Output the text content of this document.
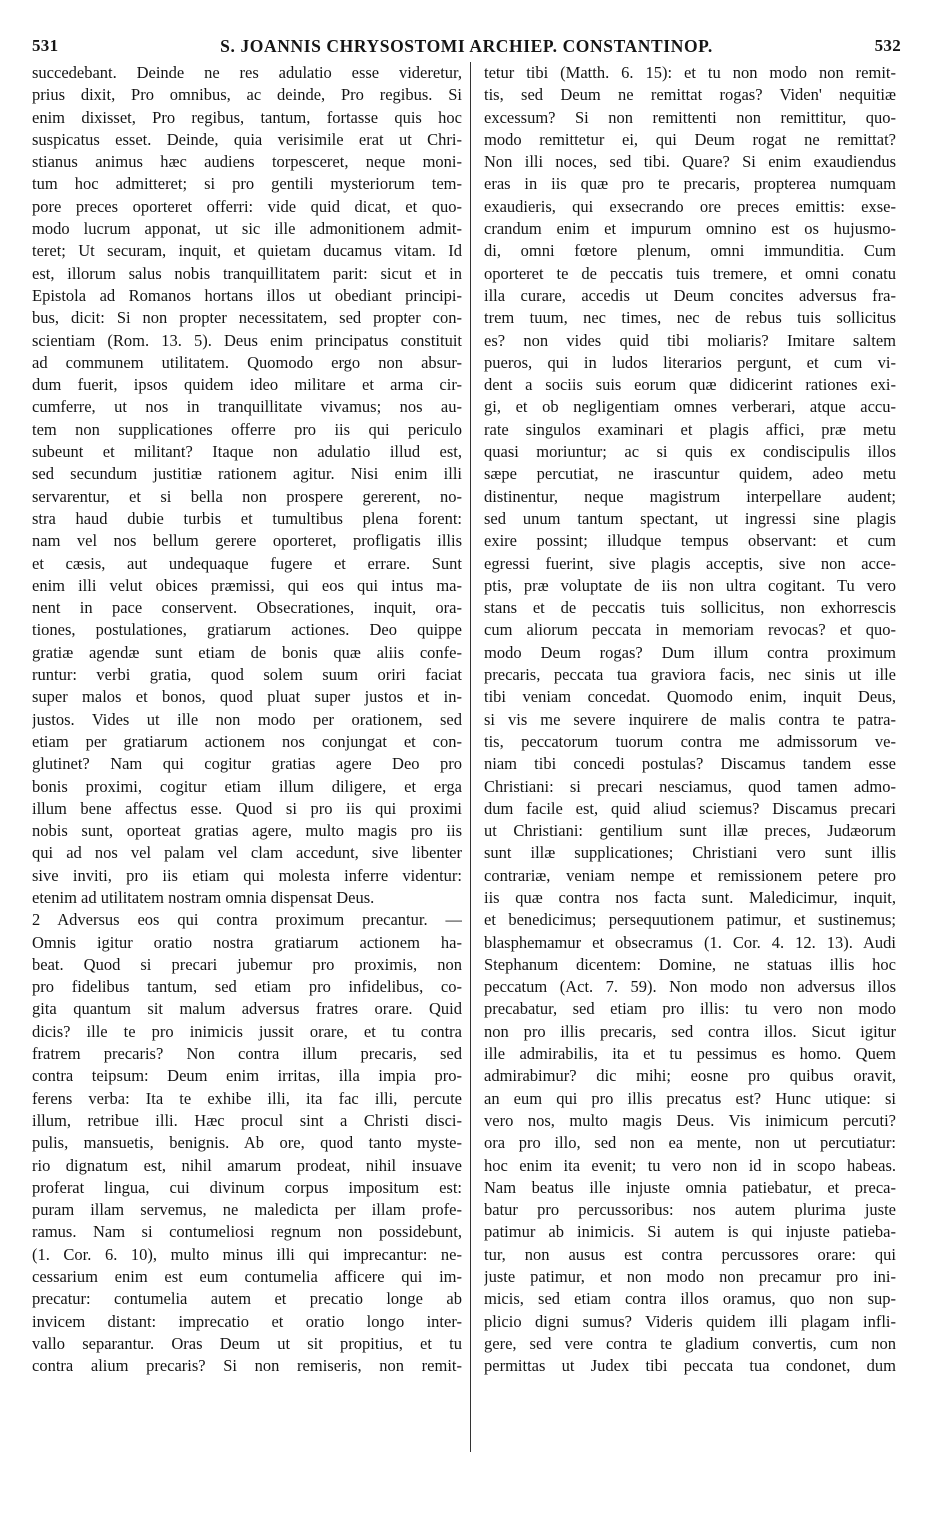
531	S. JOANNIS CHRYSOSTOMI ARCHIEP. CONSTANTINOP.	532
succedebant. Deinde ne res adulatio esse videretur,
prius dixit, Pro omnibus, ac deinde, Pro regibus. Si
enim dixisset, Pro regibus, tantum, fortasse quis hoc
suspicatus esset. Deinde, quia verisimile erat ut Chri-
stianus animus hæc audiens torpesceret, neque moni-
tum hoc admitteret; si pro gentili mysteriorum tem-
pore preces oporteret offerri: vide quid dicat, et quo-
modo lucrum apponat, ut sic ille admonitionem admit-
teret; Ut securam, inquit, et quietam ducamus vitam. Id
est, illorum salus nobis tranquillitatem parit: sicut et in
Epistola ad Romanos hortans illos ut obediant principi-
bus, dicit: Si non propter necessitatem, sed propter con-
scientiam (Rom. 13. 5). Deus enim principatus constituit
ad communem utilitatem. Quomodo ergo non absur-
dum fuerit, ipsos quidem ideo militare et arma cir-
cumferre, ut nos in tranquillitate vivamus; nos au-
tem non supplicationes offerre pro iis qui periculo
subeunt et militant? Itaque non adulatio illud est,
sed secundum justitiæ rationem agitur. Nisi enim illi
servarentur, et si bella non prospere gererent, no-
stra haud dubie turbis et tumultibus plena forent:
nam vel nos bellum gerere oporteret, profligatis illis
et cæsis, aut undequaque fugere et errare. Sunt
enim illi velut obices præmissi, qui eos qui intus ma-
nent in pace conservent. Obsecrationes, inquit, ora-
tiones, postulationes, gratiarum actiones. Deo quippe
gratiæ agendæ sunt etiam de bonis quæ aliis confe-
runtur: verbi gratia, quod solem suum oriri faciat
super malos et bonos, quod pluat super justos et in-
justos. Vides ut ille non modo per orationem, sed
etiam per gratiarum actionem nos conjungat et con-
glutinet? Nam qui cogitur gratias agere Deo pro
bonis proximi, cogitur etiam illum diligere, et erga
illum bene affectus esse. Quod si pro iis qui proximi
nobis sunt, oporteat gratias agere, multo magis pro iis
qui ad nos vel palam vel clam accedunt, sive libenter
sive inviti, pro iis etiam qui molesta inferre videntur:
etenim ad utilitatem nostram omnia dispensat Deus.
2 Adversus eos qui contra proximum precantur. —
Omnis igitur oratio nostra gratiarum actionem ha-
beat. Quod si precari jubemur pro proximis, non
pro fidelibus tantum, sed etiam pro infidelibus, co-
gita quantum sit malum adversus fratres orare. Quid
dicis? ille te pro inimicis jussit orare, et tu contra
fratrem precaris? Non contra illum precaris, sed
contra teipsum: Deum enim irritas, illa impia pro-
ferens verba: Ita te exhibe illi, ita fac illi, percute
illum, retribue illi. Hæc procul sint a Christi disci-
pulis, mansuetis, benignis. Ab ore, quod tanto myste-
rio dignatum est, nihil amarum prodeat, nihil insuave
proferat lingua, cui divinum corpus impositum est:
puram illam servemus, ne maledicta per illam profe-
ramus. Nam si contumeliosi regnum non possidebunt,
(1. Cor. 6. 10), multo minus illi qui imprecantur: ne-
cessarium enim est eum contumelia afficere qui im-
precatur: contumelia autem et precatio longe ab
invicem distant: imprecatio et oratio longo inter-
vallo separantur. Oras Deum ut sit propitius, et tu
contra alium precaris? Si non remiseris, non remit-
tetur tibi (Matth. 6. 15): et tu non modo non remit-
tis, sed Deum ne remittat rogas? Viden' nequitiæ
excessum? Si non remittenti non remittitur, quo-
modo remittetur ei, qui Deum rogat ne remittat?
Non illi noces, sed tibi. Quare? Si enim exaudiendus
eras in iis quæ pro te precaris, propterea numquam
exaudieris, qui exsecrando ore preces emittis: exse-
crandum enim et impurum omnino est os hujusmo-
di, omni fœtore plenum, omni immunditia. Cum
oporteret te de peccatis tuis tremere, et omni conatu
illa curare, accedis ut Deum concites adversus fra-
trem tuum, nec times, nec de rebus tuis sollicitus
es? non vides quid tibi moliaris? Imitare saltem
pueros, qui in ludos literarios pergunt, et cum vi-
dent a sociis suis eorum quæ didicerint rationes exi-
gi, et ob negligentiam omnes verberari, atque accu-
rate singulos examinari et plagis affici, præ metu
quasi moriuntur; ac si quis ex condiscipulis illos
sæpe percutiat, ne irascuntur quidem, adeo metu
distinentur, neque magistrum interpellare audent;
sed unum tantum spectant, ut ingressi sine plagis
exire possint; illudque tempus observant: et cum
egressi fuerint, sive plagis acceptis, sive non acce-
ptis, præ voluptate de iis non ultra cogitant. Tu vero
stans et de peccatis tuis sollicitus, non exhorrescis
cum aliorum peccata in memoriam revocas? et quo-
modo Deum rogas? Dum illum contra proximum
precaris, peccata tua graviora facis, nec sinis ut ille
tibi veniam concedat. Quomodo enim, inquit Deus,
si vis me severe inquirere de malis contra te patra-
tis, peccatorum tuorum contra me admissorum ve-
niam tibi concedi postulas? Discamus tandem esse
Christiani: si precari nesciamus, quod tamen admo-
dum facile est, quid aliud sciemus? Discamus precari
ut Christiani: gentilium sunt illæ preces, Judæorum
sunt illæ supplicationes; Christiani vero sunt illis
contrariæ, veniam nempe et remissionem petere pro
iis quæ contra nos facta sunt. Maledicimur, inquit,
et benedicimus; persequutionem patimur, et sustinemus;
blasphemamur et obsecramus (1. Cor. 4. 12. 13). Audi
Stephanum dicentem: Domine, ne statuas illis hoc
peccatum (Act. 7. 59). Non modo non adversus illos
precabatur, sed etiam pro illis: tu vero non modo
non pro illis precaris, sed contra illos. Sicut igitur
ille admirabilis, ita et tu pessimus es homo. Quem
admirabimur? dic mihi; eosne pro quibus oravit,
an eum qui pro illis precatus est? Hunc utique: si
vero nos, multo magis Deus. Vis inimicum percuti?
ora pro illo, sed non ea mente, non ut percutiatur:
hoc enim ita evenit; tu vero non id in scopo habeas.
Nam beatus ille injuste omnia patiebatur, et preca-
batur pro percussoribus: nos autem plurima juste
patimur ab inimicis. Si autem is qui injuste patieba-
tur, non ausus est contra percussores orare: qui
juste patimur, et non modo non precamur pro ini-
micis, sed etiam contra illos oramus, quo non sup-
plicio digni sumus? Videris quidem illi plagam infli-
gere, sed vere contra te gladium convertis, cum non
permittas ut Judex tibi peccata tua condonet, dum
